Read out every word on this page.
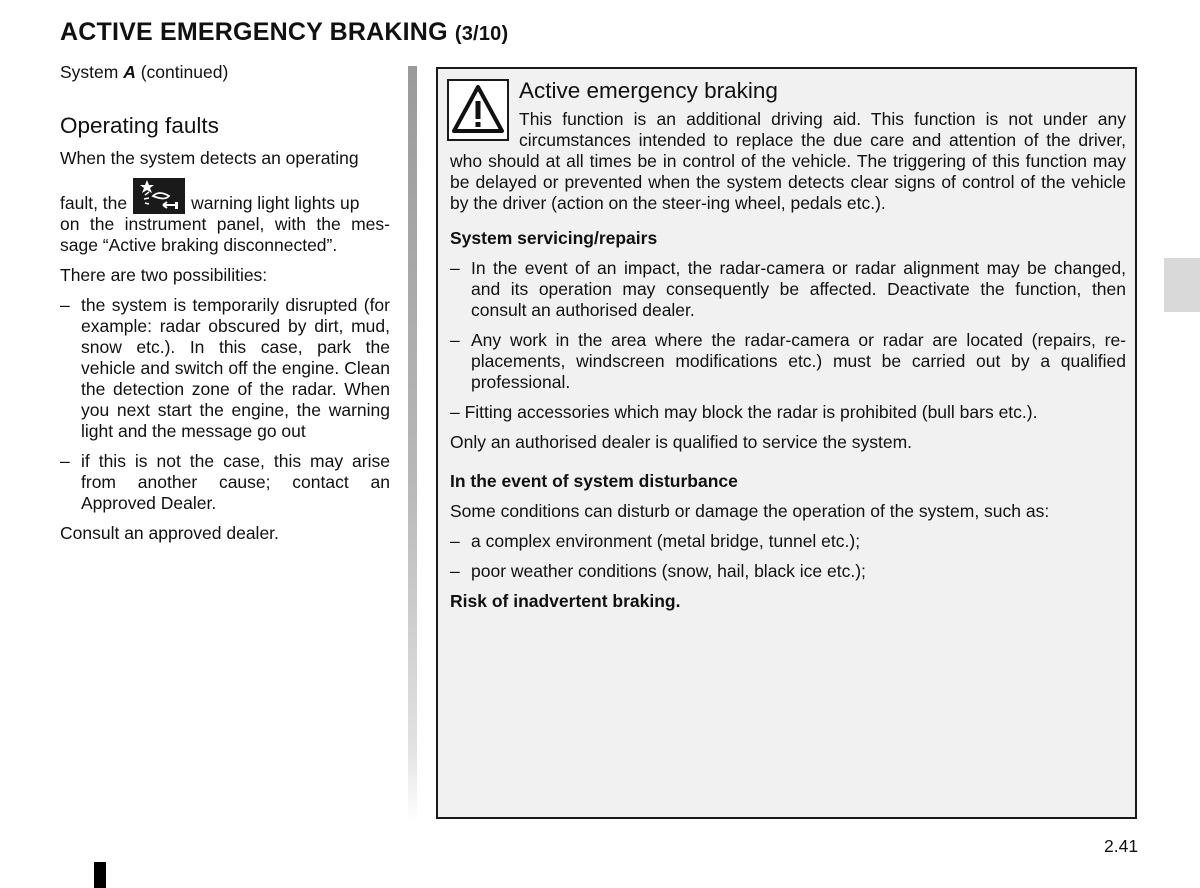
ACTIVE EMERGENCY BRAKING (3/10)

System A (continued)

Operating faults

When the system detects an operating

fault, the	warning light lights up

on the instrument panel, with the mes-sage “Active braking disconnected”.

There are two possibilities:

– the system is temporarily disrupted (for example: radar obscured by dirt, mud, snow etc.). In this case, park the vehicle and switch off the engine. Clean the detection zone of the radar. When you next start the engine, the warning light and the message go out
– if this is not the case, this may arise from another cause; contact an Approved Dealer.

Consult an approved dealer.

Active emergency braking

This function is an additional driving aid. This function is not under any circumstances intended to replace the due care and attention of the driver, who should at all times be in control of the vehicle. The triggering of this function may be delayed or prevented when the system detects clear signs of control of the vehicle by the driver (action on the steer-ing wheel, pedals etc.).

System servicing/repairs

– In the event of an impact, the radar-camera or radar alignment may be changed, and its operation may consequently be affected. Deactivate the function, then consult an authorised dealer.
– Any work in the area where the radar-camera or radar are located (repairs, re-placements, windscreen modifications etc.) must be carried out by a qualified professional.

– Fitting accessories which may block the radar is prohibited (bull bars etc.).

Only an authorised dealer is qualified to service the system.

In the event of system disturbance

Some conditions can disturb or damage the operation of the system, such as:

– a complex environment (metal bridge, tunnel etc.);
– poor weather conditions (snow, hail, black ice etc.);

Risk of inadvertent braking.

2.41
